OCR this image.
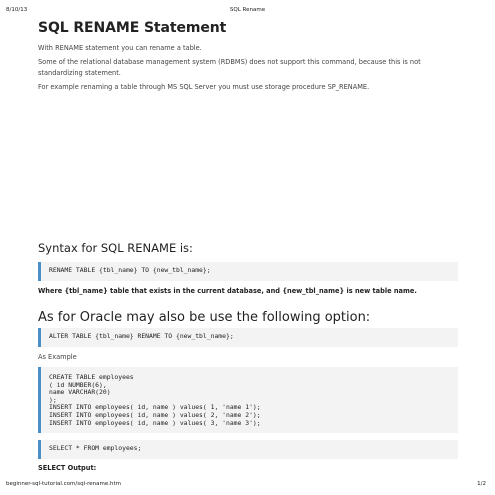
8/10/13	SQL Rename
SQL RENAME Statement

With RENAME statement you can rename a table.

Some of the relational database management system (RDBMS) does not support this command, because this is not standardizing statement.

For example renaming a table through MS SQL Server you must use storage procedure SP_RENAME.

Syntax for SQL RENAME is:
RENAME TABLE {tbl_name} TO {new_tbl_name};

Where {tbl_name} table that exists in the current database, and {new_tbl_name} is new table name.

As for Oracle may also be use the following option:
ALTER TABLE {tbl_name} RENAME TO {new_tbl_name};

As Example

CREATE TABLE employees
( id NUMBER(6),
name VARCHAR(20)
);
INSERT INTO employees( id, name ) values( 1, 'name 1');
INSERT INTO employees( id, name ) values( 2, 'name 2');
INSERT INTO employees( id, name ) values( 3, 'name 3');
SELECT * FROM employees;

SELECT Output:

beginner-sql-tutorial.com/sql-rename.htm	1/2
